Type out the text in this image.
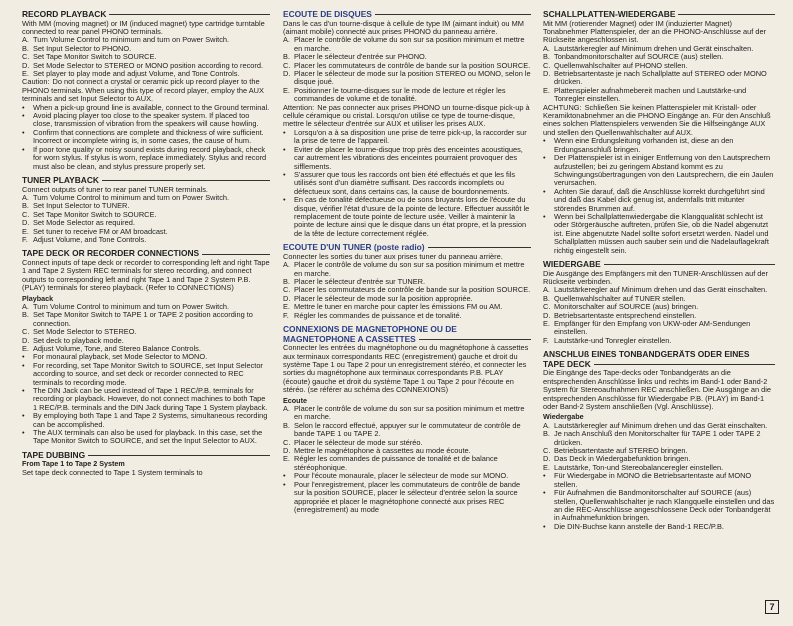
RECORD PLAYBACK

With MM (moving magnet) or IM (induced magnet) type cartridge turntable connected to rear panel PHONO terminals.

A. Turn Volume Control to minimum and turn on Power Switch.
B. Set Input Selector to PHONO.
C. Set Tape Monitor Switch to SOURCE.
D. Set Mode Selector to STEREO or MONO position according to record.
E. Set player to play mode and adjust Volume, and Tone Controls.
Caution: Do not connect a crystal or ceramic pick up record player to the PHONO terminals. When using this type of record player, employ the AUX terminals and set Input Selector to AUX.
• When a pick-up ground line is available, connect to the Ground terminal.
• Avoid placing player too close to the speaker system. If placed too close, transmission of vibration from the speakers will cause howling.
• Confirm that connections are complete and thickness of wire sufficient. Incorrect or incomplete wiring is, in some cases, the cause of hum.
• If poor tone quality or noisy sound exists during record playback, check for worn stylus. If stylus is worn, replace immediately. Stylus and record must also be clean, and stylus pressure properly set.
TUNER PLAYBACK

Connect outputs of tuner to rear panel TUNER terminals.

A. Turn Volume Control to minimum and turn on Power Switch.
B. Set Input Selector to TUNER.
C. Set Tape Monitor Switch to SOURCE.
D. Set Mode Selector as required.
E. Set tuner to receive FM or AM broadcast.
F. Adjust Volume, and Tone Controls.
TAPE DECK OR RECORDER CONNECTIONS

Connect inputs of tape deck or recorder to corresponding left and right Tape 1 and Tape 2 System REC terminals for stereo recording, and connect outputs to corresponding left and right Tape 1 and Tape 2 System P.B. (PLAY) terminals for stereo playback. (Refer to CONNECTIONS)

Playback
A. Turn Volume Control to minimum and turn on Power Switch.
B. Set Tape Monitor Switch to TAPE 1 or TAPE 2 position according to connection.
C. Set Mode Selector to STEREO.
D. Set deck to playback mode.
E. Adjust Volume, Tone, and Stereo Balance Controls.
• For monaural playback, set Mode Selector to MONO.
• For recording, set Tape Monitor Switch to SOURCE, set Input Selector according to source, and set deck or recorder connected to REC terminals to recording mode.
• The DIN Jack can be used instead of Tape 1 REC/P.B. terminals for recording or playback. However, do not connect machines to both Tape 1 REC/P.B. terminals and the DIN Jack during Tape 1 System playback.
• By employing both Tape 1 and Tape 2 Systems, simultaneous recording can be accomplished.
• The AUX terminals can also be used for playback. In this case, set the Tape Monitor Switch to SOURCE, and set the Input Selector to AUX.
TAPE DUBBING
From Tape 1 to Tape 2 System

Set tape deck connected to Tape 1 System terminals to

ECOUTE DE DISQUES

Dans le cas d'un tourne-disque à cellule de type IM (aimant induit) ou MM (aimant mobile) connecté aux prises PHONO du panneau arrière.

A. Placer le contrôle de volume du son sur sa position minimum et mettre en marche.
B. Placer le sélecteur d'entrée sur PHONO.
C. Placer les commutateurs de contrôle de bande sur la position SOURCE.
D. Placer le sélecteur de mode sur la position STEREO ou MONO, selon le disque joué.
E. Positionner le tourne-disques sur le mode de lecture et régler les commandes de volume et de tonalité.
Attention: Ne pas connecter aux prises PHONO un tourne-disque pick-up à cellule céramique ou cristal. Lorsqu'on utilise ce type de tourne-disque, mettre le sélecteur d'entrée sur AUX et utiliser les prises AUX.
• Lorsqu'on a à sa disposition une prise de terre pick-up, la raccorder sur la prise de terre de l'appareil.
• Eviter de placer le tourne-disque trop près des enceintes acoustiques, car autrement les vibrations des enceintes pourraient provoquer des sifflements.
• S'assurer que tous les raccords ont bien été effectués et que les fils utilisés sont d'un diamètre suffisant. Des raccords incomplets ou défectueux sont, dans certains cas, la cause de bourdonnements.
• En cas de tonalité défectueuse ou de sons bruyants lors de l'écoute du disque, vérifier l'état d'usure de la pointe de lecture. Effectuer aussitôt le remplacement de toute pointe de lecture usée. Veiller à maintenir la pointe de lecture ainsi que le disque dans un état propre, et la pression de la tête de lecture correctement réglée.
ECOUTE D'UN TUNER (poste radio)

Connecter les sorties du tuner aux prises tuner du panneau arrière.

A. Placer le contrôle de volume du son sur sa position minimum et mettre en marche.
B. Placer le sélecteur d'entrée sur TUNER.
C. Placer les commutateurs de contrôle de bande sur la position SOURCE.
D. Placer le sélecteur de mode sur la position appropriée.
E. Mettre le tuner en marche pour capter les émissions FM ou AM.
F. Régler les commandes de puissance et de tonalité.
CONNEXIONS DE MAGNETOPHONE OU DE
MAGNETOPHONE A CASSETTES

Connecter les entrées du magnétophone ou du magnétophone à cassettes aux terminaux correspondants REC (enregistrement) gauche et droit du système Tape 1 ou Tape 2 pour un enregistrement stéréo, et connecter les sorties du magnétophone aux terminaux correspondants P.B. PLAY (écoute) gauche et droit du système Tape 1 ou Tape 2 pour l'écoute en stéréo. (se référer au schéma des CONNEXIONS)

Ecoute
A. Placer le contrôle de volume du son sur sa position minimum et mettre en marche.
B. Selon le raccord effectué, appuyer sur le commutateur de contrôle de bande TAPE 1 ou TAPE 2.
C. Placer le sélecteur de mode sur stéréo.
D. Mettre le magnétophone à cassettes au mode écoute.
E. Régler les commandes de puissance de tonalité et de balance stéréophonique.
• Pour l'écoute monaurale, placer le sélecteur de mode sur MONO.
• Pour l'enregistrement, placer les commutateurs de contrôle de bande sur la position SOURCE, placer le sélecteur d'entrée selon la source appropriée et placer le magnétophone connecté aux prises REC (enregistrement) au mode
SCHALLPLATTEN-WIEDERGABE

Mit MM (rotierender Magnet) oder IM (induzierter Magnet) Tonabnehmer Plattenspieler, der an die PHONO-Anschlüsse auf der Rückseite angeschlossen ist.

A. Lautstärkeregler auf Minimum drehen und Gerät einschalten.
B. Tonbandmonitorschalter auf SOURCE (aus) stellen.
C. Quellenwahlschalter auf PHONO stellen.
D. Betriebsartentaste je nach Schallplatte auf STEREO oder MONO drücken.
E. Plattenspieler aufnahmebereit machen und Lautstärke-und Tonregler einstellen.
ACHTUNG: Schließen Sie keinen Plattenspieler mit Kristall- oder Keramiktonabnehmer an die PHONO Eingänge an. Für den Anschluß eines solchen Plattenspielers verwenden Sie die Hilfseingänge AUX und stellen den Quellenwahlschalter auf AUX.
• Wenn eine Erdungsleitung vorhanden ist, diese an den Erdungsanschluß bringen.
• Der Plattenspieler ist in einiger Entfernung von den Lautsprechern aufzustellen; bei zu geringem Abstand kommt es zu Schwingungsübertragungen von den Lautsprechern, die ein Jaulen verursachen.
• Achten Sie darauf, daß die Anschlüsse korrekt durchgeführt sind und daß das Kabel dick genug ist, andernfalls tritt mitunter störendes Brummen auf.
• Wenn bei Schallplattenwiedergabe die Klangqualität schlecht ist oder Störgeräusche auftreten, prüfen Sie, ob die Nadel abgenutzt ist. Eine abgenutzte Nadel sollte sofort ersetzt werden. Nadel und Schallplatten müssen auch sauber sein und die Nadelauflagekraft richtig eingestellt sein.
WIEDERGABE

Die Ausgänge des Empfängers mit den TUNER-Anschlüssen auf der Rückseite verbinden.

A. Lautstärkeregler auf Minimum drehen und das Gerät einschalten.
B. Quellenwahlschalter auf TUNER stellen.
C. Monitorschalter auf SOURCE (aus) bringen.
D. Betriebsartentaste entsprechend einstellen.
E. Empfänger für den Empfang von UKW-oder AM-Sendungen einstellen.
F. Lautstärke-und Tonregler einstellen.
ANSCHLUß EINES TONBANDGERÄTS ODER EINES
TAPE DECK

Die Eingänge des Tape-decks oder Tonbandgeräts an die entsprechenden Anschlüsse links und rechts im Band-1 oder Band-2 System für Stereoaufnahmen REC anschließen. Die Ausgänge an die entsprechenden Anschlüsse für Wiedergabe P.B. (PLAY) im Band-1 oder Band-2 System anschließen (Vgl. Anschlüsse).

Wiedergabe
A. Lautstärkeregler auf Minimum drehen und das Gerät einschalten.
B. Je nach Anschluß den Monitorschalter für TAPE 1 oder TAPE 2 drücken.
C. Betriebsartentaste auf STEREO bringen.
D. Das Deck in Wiedergabefunktion bringen.
E. Lautstärke, Ton-und Stereobalanceregler einstellen.
• Für Wiedergabe in MONO die Betriebsartentaste auf MONO stellen.
• Für Aufnahmen die Bandmonitorschalter auf SOURCE (aus) stellen, Quellenwahlschalter je nach Klangquelle einstellen und das an die REC-Anschlüsse angeschlossene Deck oder Tonbandgerät in Aufnahmefunktion bringen.
• Die DIN-Buchse kann anstelle der Band-1 REC/P.B.
7
